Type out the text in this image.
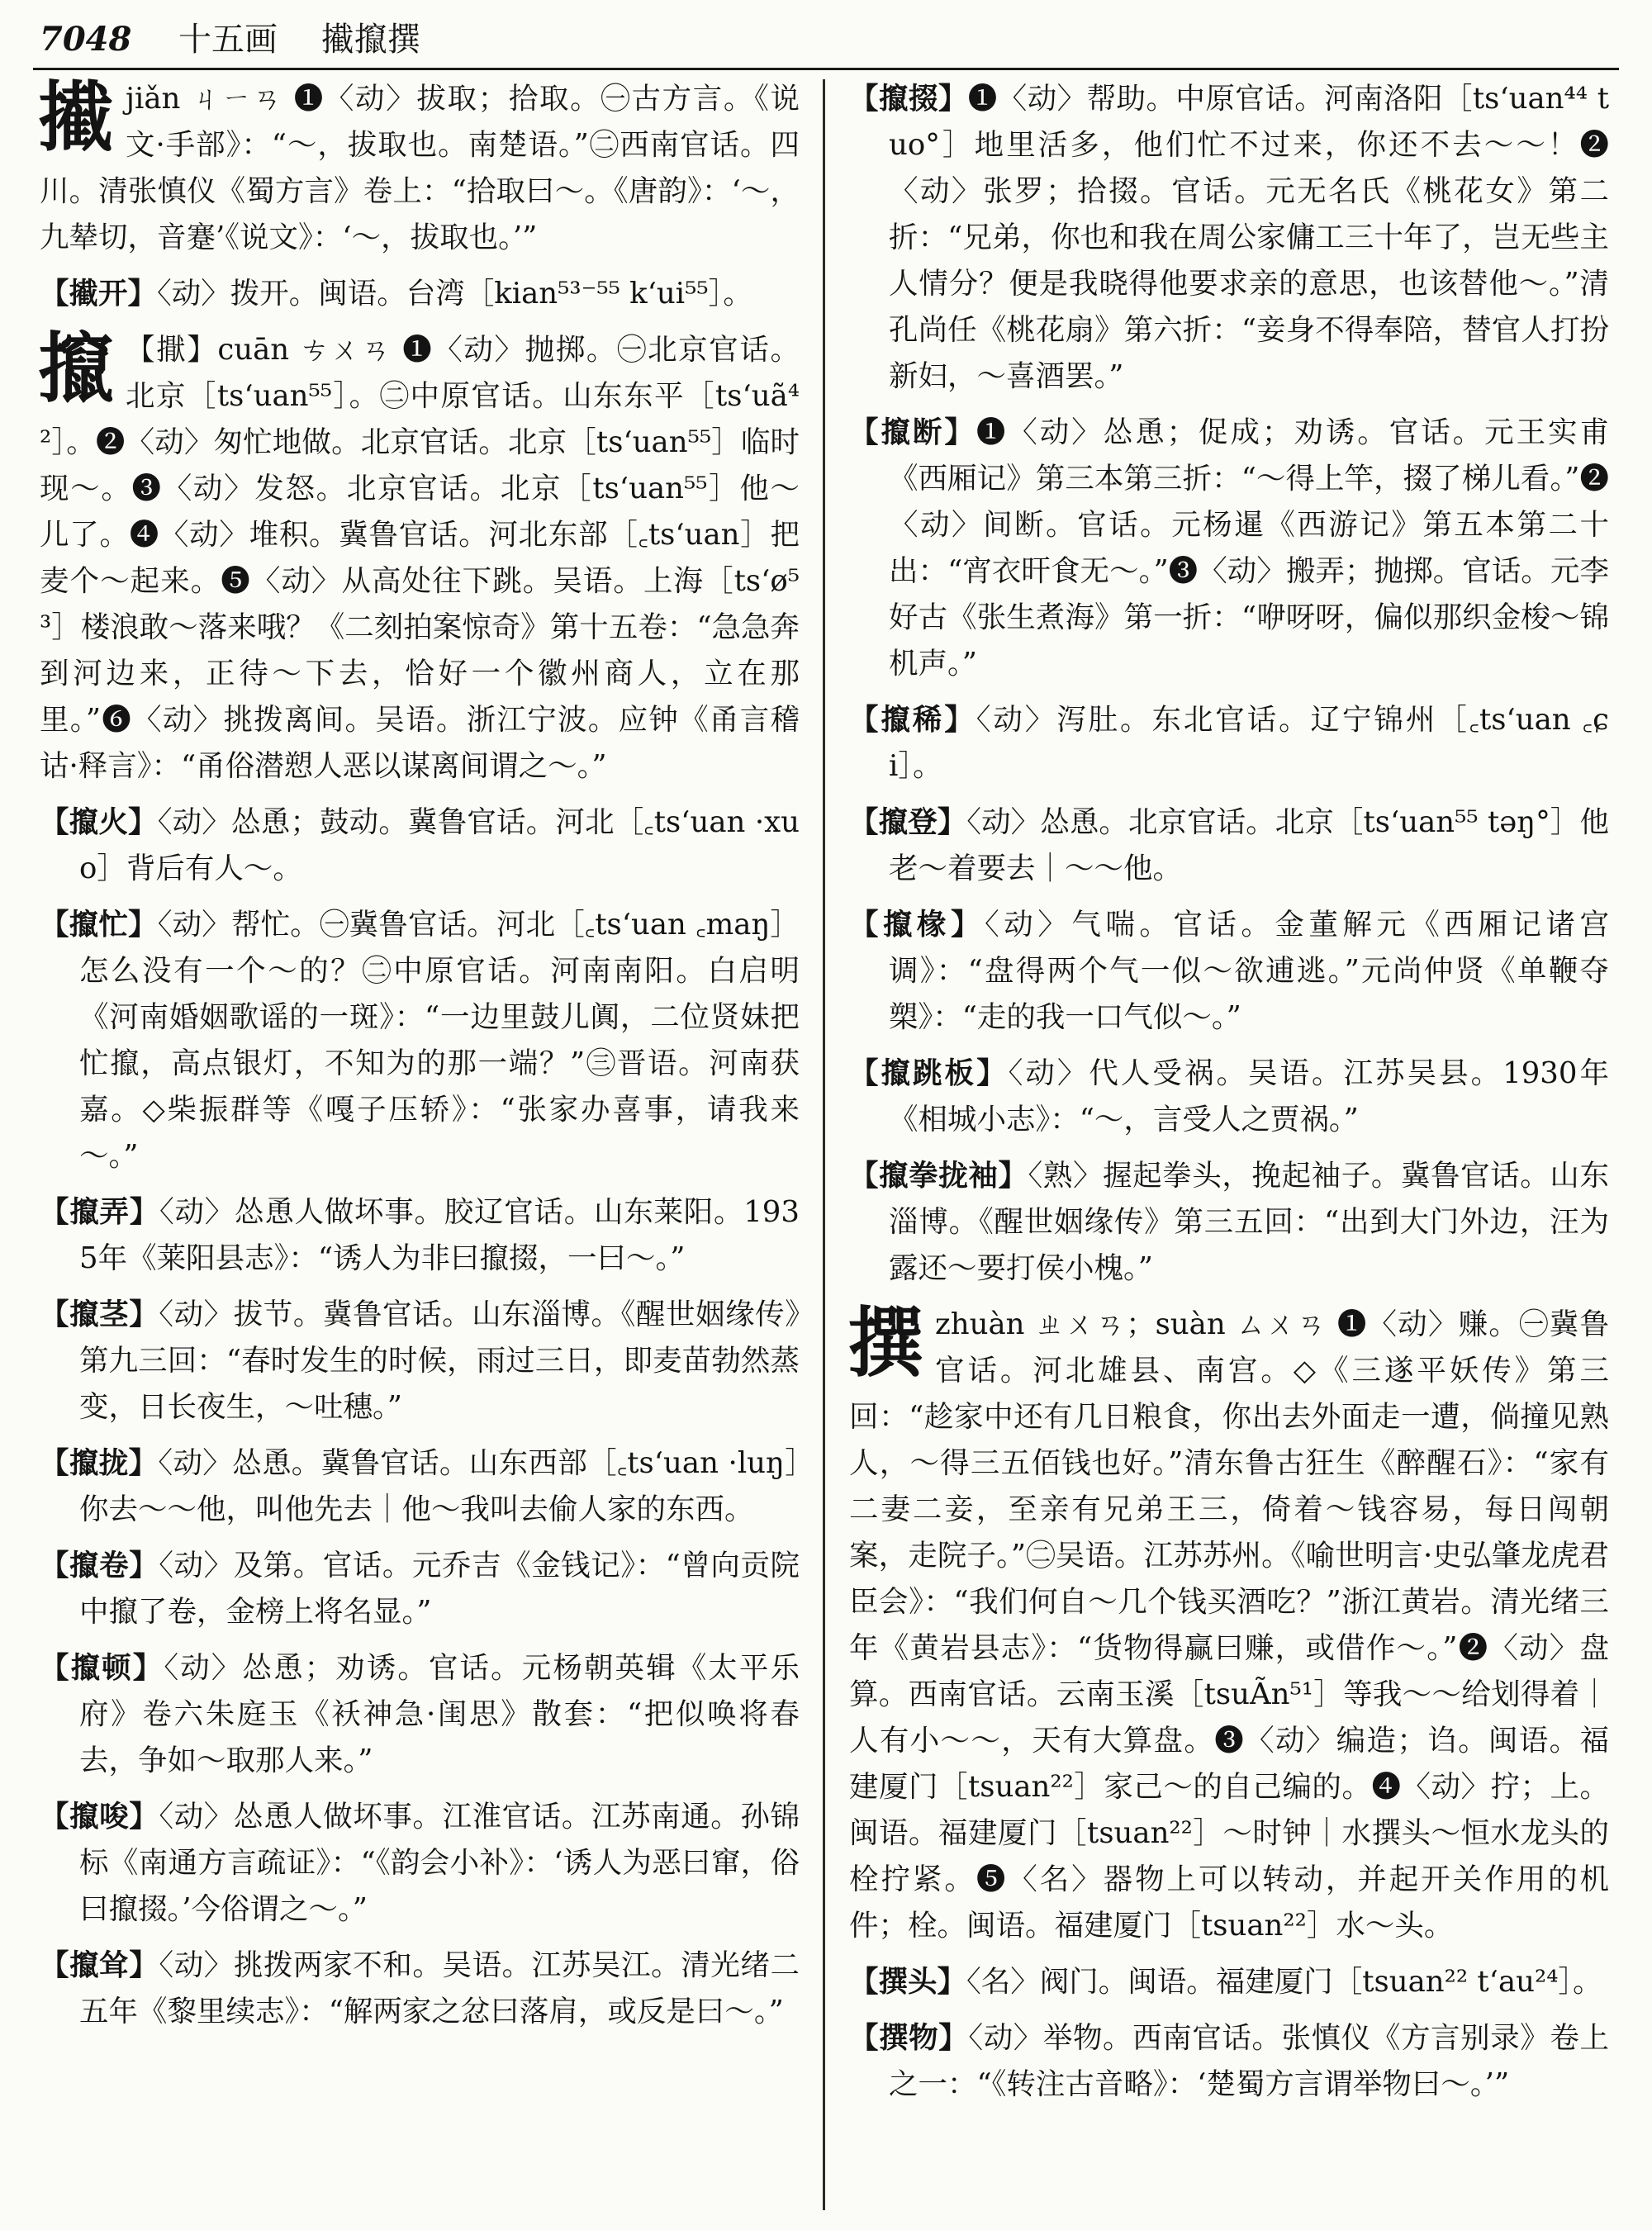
7048 十五画 擮攛撰
擮jiǎn ㄐㄧㄢ ❶〈动〉拔取；拾取。㊀古方言。《说文·手部》：“～，拔取也。南楚语。”㊁西南官话。四川。清张慎仪《蜀方言》卷上：“拾取曰～。《唐韵》：‘～，九辇切，音蹇’《说文》：‘～，拔取也。’”
【擮开】〈动〉拨开。闽语。台湾［kian⁵³⁻⁵⁵ k‘ui⁵⁵］。
攛 【㩎】cuān ㄘㄨㄢ ❶〈动〉抛掷。㊀北京官话。北京［ts‘uan⁵⁵］。㊁中原官话。山东东平［ts‘uã⁴²］。❷〈动〉匆忙地做。北京官话。北京［ts‘uan⁵⁵］临时现～。❸〈动〉发怒。北京官话。北京［ts‘uan⁵⁵］他～儿了。❹〈动〉堆积。冀鲁官话。河北东部［꜀ts‘uan］把麦个～起来。❺〈动〉从高处往下跳。吴语。上海［ts‘ø⁵³］楼浪敢～落来哦？《二刻拍案惊奇》第十五卷：“急急奔到河边来，正待～下去，恰好一个徽州商人，立在那里。”❻〈动〉挑拨离间。吴语。浙江宁波。应钟《甬言稽诂·释言》：“甬俗潜愬人恶以谋离间谓之～。”
【攛火】〈动〉怂恿；鼓动。冀鲁官话。河北［꜀ts‘uan ·xuo］背后有人～。
【攛忙】〈动〉帮忙。㊀冀鲁官话。河北［꜀ts‘uan ꜀maŋ］怎么没有一个～的？㊁中原官话。河南南阳。白启明《河南婚姻歌谣的一斑》：“一边里鼓儿阗，二位贤妹把忙攛，高点银灯，不知为的那一端？”㊂晋语。河南获嘉。◇柴振群等《嘎子压轿》：“张家办喜事，请我来～。”
【攛弄】〈动〉怂恿人做坏事。胶辽官话。山东莱阳。1935年《莱阳县志》：“诱人为非曰攛掇，一曰～。”
【攛茎】〈动〉拔节。冀鲁官话。山东淄博。《醒世姻缘传》第九三回：“春时发生的时候，雨过三日，即麦苗勃然蒸变，日长夜生，～吐穗。”
【攛拢】〈动〉怂恿。冀鲁官话。山东西部［꜀ts‘uan ·luŋ］你去～～他，叫他先去｜他～我叫去偷人家的东西。
【攛卷】〈动〉及第。官话。元乔吉《金钱记》：“曾向贡院中攛了卷，金榜上将名显。”
【攛顿】〈动〉怂恿；劝诱。官话。元杨朝英辑《太平乐府》卷六朱庭玉《袄神急·闺思》散套：“把似唤将春去，争如～取那人来。”
【攛唆】〈动〉怂恿人做坏事。江淮官话。江苏南通。孙锦标《南通方言疏证》：“《韵会小补》：‘诱人为恶曰窜，俗曰攛掇。’今俗谓之～。”
【攛耸】〈动〉挑拨两家不和。吴语。江苏吴江。清光绪二五年《黎里续志》：“解两家之忿曰落肩，或反是曰～。”
【攛掇】❶〈动〉帮助。中原官话。河南洛阳［ts‘uan⁴⁴ tuo°］地里活多，他们忙不过来，你还不去～～！❷〈动〉张罗；拾掇。官话。元无名氏《桃花女》第二折：“兄弟，你也和我在周公家傭工三十年了，岂无些主人情分？便是我晓得他要求亲的意思，也该替他～。”清孔尚任《桃花扇》第六折：“妾身不得奉陪，替官人打扮新妇，～喜酒罢。”
【攛断】❶〈动〉怂恿；促成；劝诱。官话。元王实甫《西厢记》第三本第三折：“～得上竿，掇了梯儿看。”❷〈动〉间断。官话。元杨暹《西游记》第五本第二十出：“宵衣旰食无～。”❸〈动〉搬弄；抛掷。官话。元李好古《张生煮海》第一折：“咿呀呀，偏似那织金梭～锦机声。”
【攛稀】〈动〉泻肚。东北官话。辽宁锦州［꜀ts‘uan ꜀ɕi］。
【攛登】〈动〉怂恿。北京官话。北京［ts‘uan⁵⁵ təŋ°］他老～着要去｜～～他。
【攛椽】〈动〉气喘。官话。金董解元《西厢记诸宫调》：“盘得两个气一似～欲逋逃。”元尚仲贤《单鞭夺槊》：“走的我一口气似～。”
【攛跳板】〈动〉代人受祸。吴语。江苏吴县。1930年《相城小志》：“～，言受人之贾祸。”
【攛拳拢袖】〈熟〉握起拳头，挽起袖子。冀鲁官话。山东淄博。《醒世姻缘传》第三五回：“出到大门外边，汪为露还～要打侯小槐。”
撰zhuàn ㄓㄨㄢ；suàn ㄙㄨㄢ ❶〈动〉赚。㊀冀鲁官话。河北雄县、南宫。◇《三遂平妖传》第三回：“趁家中还有几日粮食，你出去外面走一遭，倘撞见熟人，～得三五佰钱也好。”清东鲁古狂生《醉醒石》：“家有二妻二妾，至亲有兄弟王三，倚着～钱容易，每日闯朝案，走院子。”㊁吴语。江苏苏州。《喻世明言·史弘肇龙虎君臣会》：“我们何自～几个钱买酒吃？”浙江黄岩。清光绪三年《黄岩县志》：“货物得赢曰赚，或借作～。”❷〈动〉盘算。西南官话。云南玉溪［tsuÃn⁵¹］等我～～给划得着｜人有小～～，天有大算盘。❸〈动〉编造；诌。闽语。福建厦门［tsuan²²］家己～的自己编的。❹〈动〉拧；上。闽语。福建厦门［tsuan²²］～时钟｜水撰头～恒水龙头的栓拧紧。❺〈名〉器物上可以转动，并起开关作用的机件；栓。闽语。福建厦门［tsuan²²］水～头。
【撰头】〈名〉阀门。闽语。福建厦门［tsuan²² t‘au²⁴］。
【撰物】〈动〉举物。西南官话。张慎仪《方言别录》卷上之一：“《转注古音略》：‘楚蜀方言谓举物曰～。’”
